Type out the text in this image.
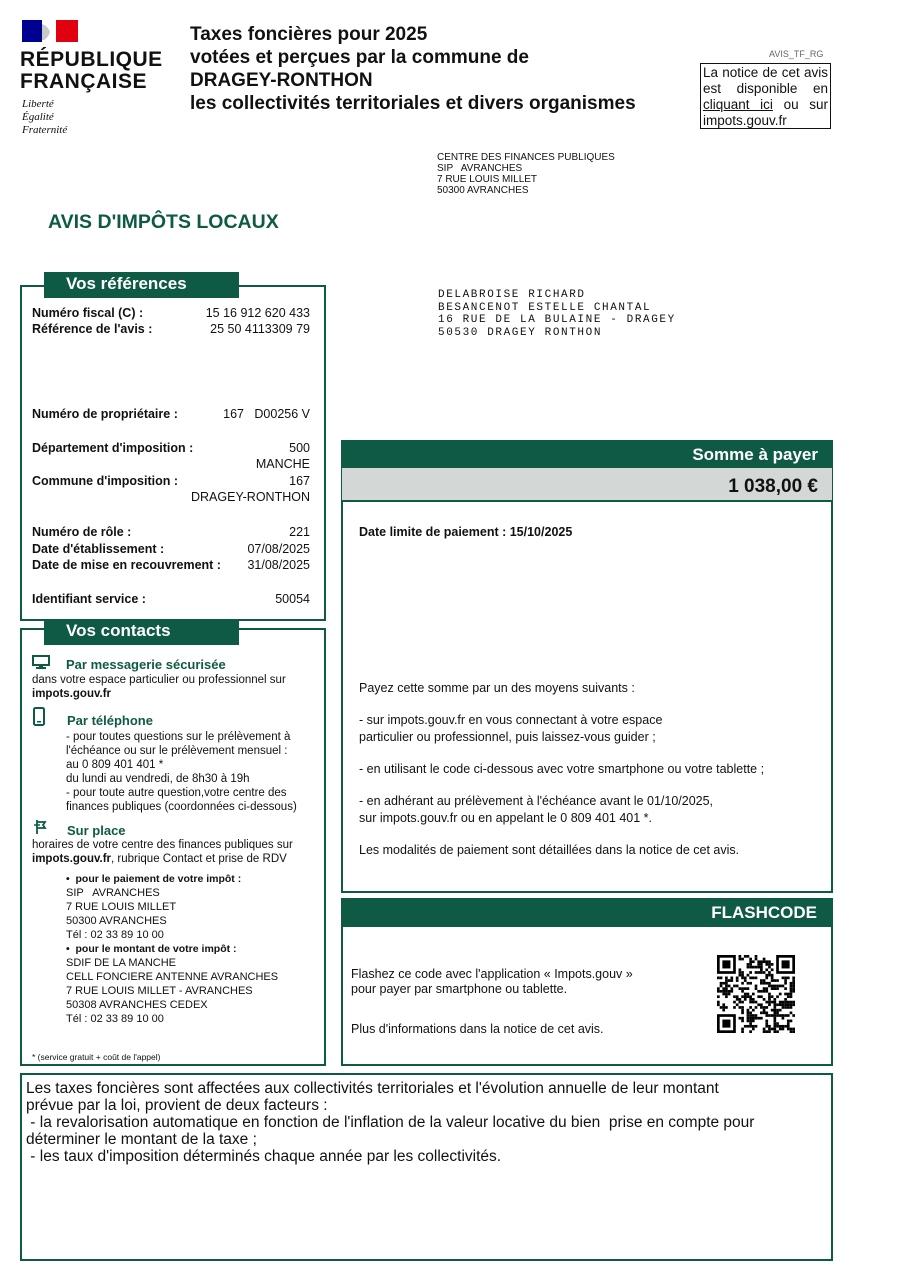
RÉPUBLIQUE
FRANÇAISE
Liberté
Égalité
Fraternité
Taxes foncières pour 2025
votées et perçues par la commune de
DRAGEY-RONTHON
les collectivités territoriales et divers organismes
AVIS_TF_RG
La notice de cet avis est disponible en cliquant ici ou sur impots.gouv.fr
CENTRE DES FINANCES PUBLIQUES
SIP   AVRANCHES
7 RUE LOUIS MILLET
50300 AVRANCHES
AVIS D'IMPÔTS LOCAUX
DELABROISE RICHARD
BESANCENOT ESTELLE CHANTAL
16 RUE DE LA BULAINE - DRAGEY
50530 DRAGEY RONTHON
Vos références
Numéro fiscal (C) :	15 16 912 620 433
Référence de l'avis :	25 50 4113309 79
Numéro de propriétaire :	167   D00256 V
Département d'imposition :	500
MANCHE
Commune d'imposition :	167
DRAGEY-RONTHON
Numéro de rôle :	221
Date d'établissement :	07/08/2025
Date de mise en recouvrement :	31/08/2025
Identifiant service :	50054
Vos contacts
Par messagerie sécurisée
dans votre espace particulier ou professionnel sur
impots.gouv.fr
Par téléphone
- pour toutes questions sur le prélèvement à
l'échéance ou sur le prélèvement mensuel :
au 0 809 401 401 *
du lundi au vendredi, de 8h30 à 19h
- pour toute autre question,votre centre des
finances publiques (coordonnées ci-dessous)
Sur place
horaires de votre centre des finances publiques sur
impots.gouv.fr, rubrique Contact et prise de RDV
•  pour le paiement de votre impôt :
SIP   AVRANCHES
7 RUE LOUIS MILLET
50300 AVRANCHES
Tél : 02 33 89 10 00
•  pour le montant de votre impôt :
SDIF DE LA MANCHE
CELL FONCIERE ANTENNE AVRANCHES
7 RUE LOUIS MILLET - AVRANCHES
50308 AVRANCHES CEDEX
Tél : 02 33 89 10 00
* (service gratuit + coût de l'appel)
Somme à payer
1 038,00 €
Date limite de paiement : 15/10/2025
Payez cette somme par un des moyens suivants :
- sur impots.gouv.fr en vous connectant à votre espace
particulier ou professionnel, puis laissez-vous guider ;
- en utilisant le code ci-dessous avec votre smartphone ou votre tablette ;
- en adhérant au prélèvement à l'échéance avant le 01/10/2025,
sur impots.gouv.fr ou en appelant le 0 809 401 401 *.
Les modalités de paiement sont détaillées dans la notice de cet avis.
FLASHCODE
Flashez ce code avec l'application « Impots.gouv »
pour payer par smartphone ou tablette.
Plus d'informations dans la notice de cet avis.
Les taxes foncières sont affectées aux collectivités territoriales et l'évolution annuelle de leur montant
prévue par la loi, provient de deux facteurs :
- la revalorisation automatique en fonction de l'inflation de la valeur locative du bien  prise en compte pour
déterminer le montant de la taxe ;
- les taux d'imposition déterminés chaque année par les collectivités.
